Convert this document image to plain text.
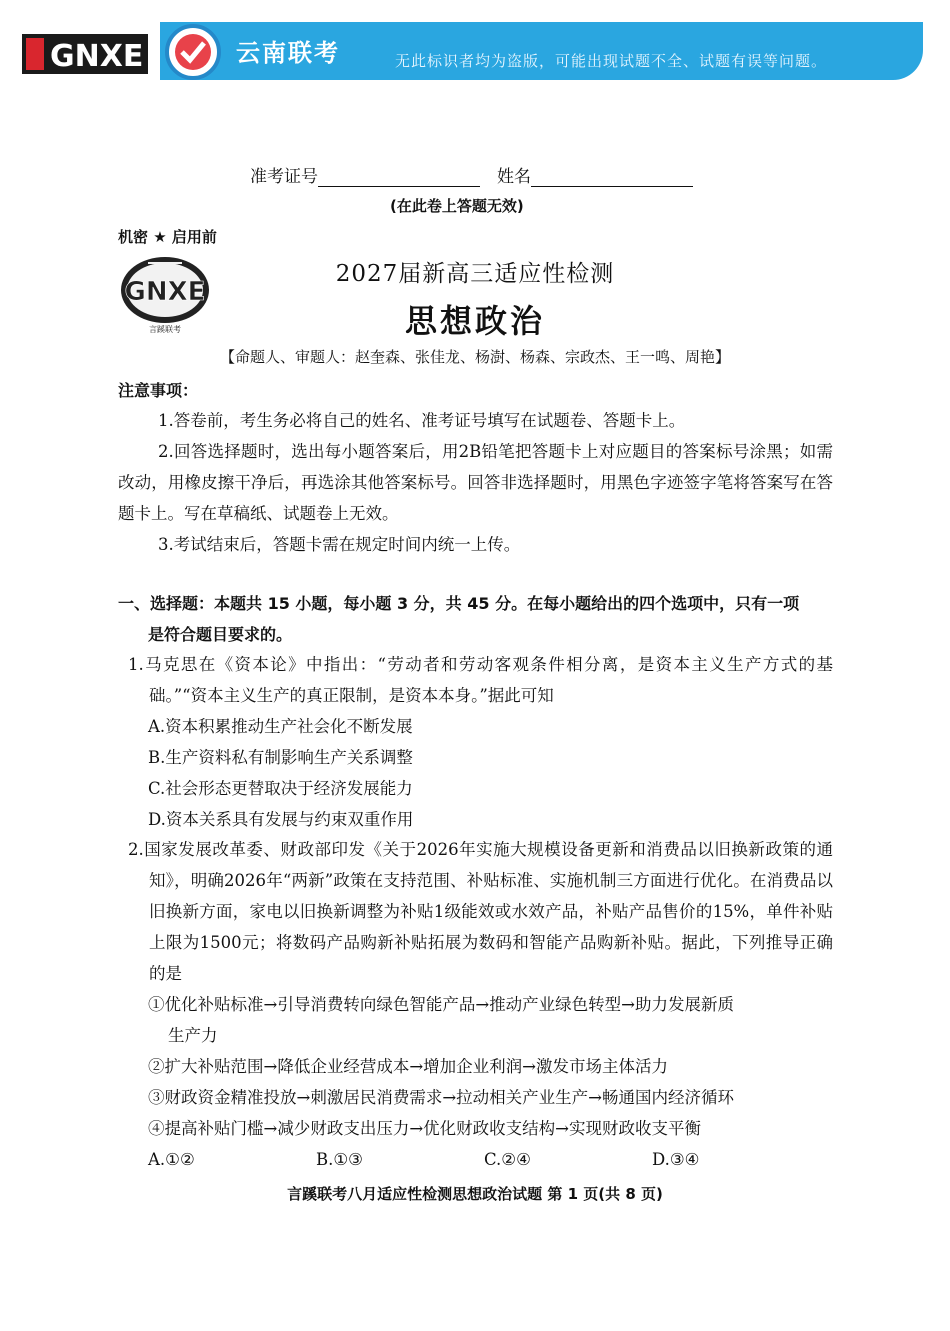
GNXE	云南联考	无此标识者均为盗版，可能出现试题不全、试题有误等问题。
准考证号	姓名
(在此卷上答题无效)
机密 ★ 启用前
GNXE
言蹊联考
2027届新高三适应性检测
思想政治
【命题人、审题人：赵奎森、张佳龙、杨澍、杨森、宗政杰、王一鸣、周艳】
注意事项：
1.答卷前，考生务必将自己的姓名、准考证号填写在试题卷、答题卡上。
2.回答选择题时，选出每小题答案后，用2B铅笔把答题卡上对应题目的答案标号涂黑；如需改动，用橡皮擦干净后，再选涂其他答案标号。回答非选择题时，用黑色字迹签字笔将答案写在答题卡上。写在草稿纸、试题卷上无效。
3.考试结束后，答题卡需在规定时间内统一上传。
一、选择题：本题共 15 小题，每小题 3 分，共 45 分。在每小题给出的四个选项中，只有一项
是符合题目要求的。
1.马克思在《资本论》中指出：“劳动者和劳动客观条件相分离，是资本主义生产方式的基础。”“资本主义生产的真正限制，是资本本身。”据此可知
A.资本积累推动生产社会化不断发展
B.生产资料私有制影响生产关系调整
C.社会形态更替取决于经济发展能力
D.资本关系具有发展与约束双重作用
2.国家发展改革委、财政部印发《关于2026年实施大规模设备更新和消费品以旧换新政策的通知》，明确2026年“两新”政策在支持范围、补贴标准、实施机制三方面进行优化。在消费品以旧换新方面，家电以旧换新调整为补贴1级能效或水效产品，补贴产品售价的15%，单件补贴上限为1500元；将数码产品购新补贴拓展为数码和智能产品购新补贴。据此，下列推导正确的是
①优化补贴标准→引导消费转向绿色智能产品→推动产业绿色转型→助力发展新质
生产力
②扩大补贴范围→降低企业经营成本→增加企业利润→激发市场主体活力
③财政资金精准投放→刺激居民消费需求→拉动相关产业生产→畅通国内经济循环
④提高补贴门槛→减少财政支出压力→优化财政收支结构→实现财政收支平衡
A.①②	B.①③	C.②④	D.③④
言蹊联考八月适应性检测思想政治试题 第 1 页(共 8 页)
